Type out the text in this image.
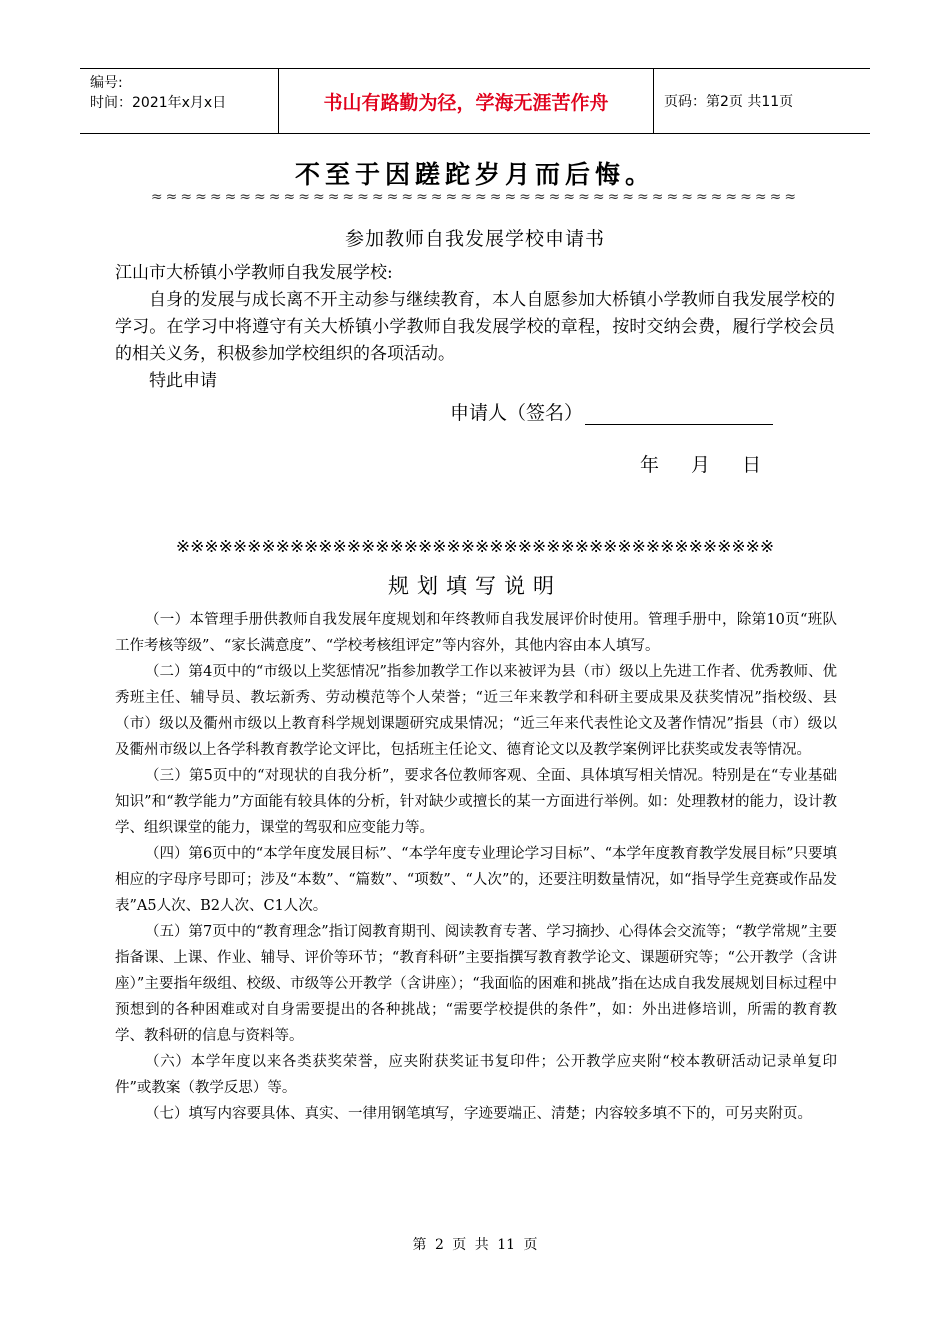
编号:
时间：2021年x月x日	书山有路勤为径，学海无涯苦作舟	页码：第2页 共11页
不至于因蹉跎岁月而后悔。
≈≈≈≈≈≈≈≈≈≈≈≈≈≈≈≈≈≈≈≈≈≈≈≈≈≈≈≈≈≈≈≈≈≈≈≈≈≈≈≈≈≈≈≈
参加教师自我发展学校申请书

江山市大桥镇小学教师自我发展学校:

自身的发展与成长离不开主动参与继续教育，本人自愿参加大桥镇小学教师自我发展学校的学习。在学习中将遵守有关大桥镇小学教师自我发展学校的章程，按时交纳会费，履行学校会员的相关义务，积极参加学校组织的各项活动。

特此申请

申请人（签名）
年 月 日
※※※※※※※※※※※※※※※※※※※※※※※※※※※※※※※※※※※※※※※※※※
规划填写说明

（一）本管理手册供教师自我发展年度规划和年终教师自我发展评价时使用。管理手册中，除第10页“班队工作考核等级”、“家长满意度”、“学校考核组评定”等内容外，其他内容由本人填写。

（二）第4页中的“市级以上奖惩情况”指参加教学工作以来被评为县（市）级以上先进工作者、优秀教师、优秀班主任、辅导员、教坛新秀、劳动模范等个人荣誉；“近三年来教学和科研主要成果及获奖情况”指校级、县（市）级以及衢州市级以上教育科学规划课题研究成果情况；“近三年来代表性论文及著作情况”指县（市）级以及衢州市级以上各学科教育教学论文评比，包括班主任论文、德育论文以及教学案例评比获奖或发表等情况。

（三）第5页中的“对现状的自我分析”，要求各位教师客观、全面、具体填写相关情况。特别是在“专业基础知识”和“教学能力”方面能有较具体的分析，针对缺少或擅长的某一方面进行举例。如：处理教材的能力，设计教学、组织课堂的能力，课堂的驾驭和应变能力等。

（四）第6页中的“本学年度发展目标”、“本学年度专业理论学习目标”、“本学年度教育教学发展目标”只要填相应的字母序号即可；涉及“本数”、“篇数”、“项数”、“人次”的，还要注明数量情况，如“指导学生竞赛或作品发表”A5人次、B2人次、C1人次。

（五）第7页中的“教育理念”指订阅教育期刊、阅读教育专著、学习摘抄、心得体会交流等；“教学常规”主要指备课、上课、作业、辅导、评价等环节；“教育科研”主要指撰写教育教学论文、课题研究等；“公开教学（含讲座）”主要指年级组、校级、市级等公开教学（含讲座）；“我面临的困难和挑战”指在达成自我发展规划目标过程中预想到的各种困难或对自身需要提出的各种挑战；“需要学校提供的条件”，如：外出进修培训，所需的教育教学、教科研的信息与资料等。

（六）本学年度以来各类获奖荣誉，应夹附获奖证书复印件；公开教学应夹附“校本教研活动记录单复印件”或教案（教学反思）等。

（七）填写内容要具体、真实、一律用钢笔填写，字迹要端正、清楚；内容较多填不下的，可另夹附页。

第 2 页 共 11 页
